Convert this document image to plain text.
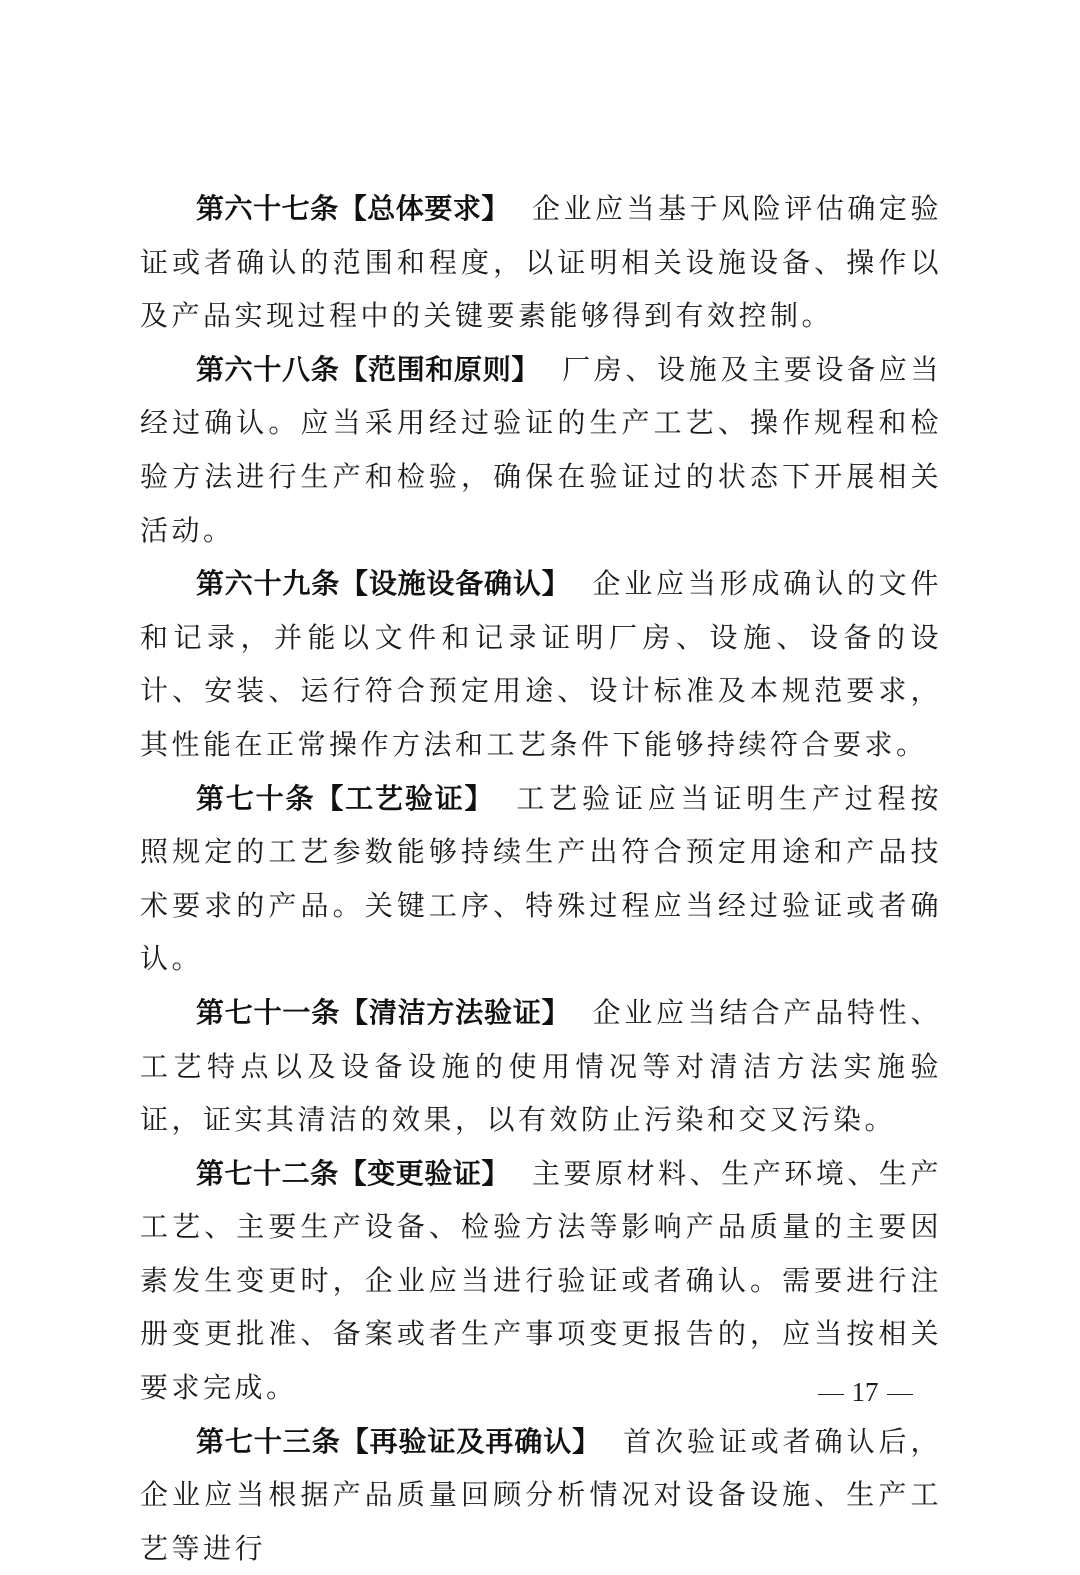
第六十七条【总体要求】 企业应当基于风险评估确定验证或者确认的范围和程度，以证明相关设施设备、操作以及产品实现过程中的关键要素能够得到有效控制。

第六十八条【范围和原则】 厂房、设施及主要设备应当经过确认。应当采用经过验证的生产工艺、操作规程和检验方法进行生产和检验，确保在验证过的状态下开展相关活动。

第六十九条【设施设备确认】 企业应当形成确认的文件和记录，并能以文件和记录证明厂房、设施、设备的设计、安装、运行符合预定用途、设计标准及本规范要求，其性能在正常操作方法和工艺条件下能够持续符合要求。

第七十条【工艺验证】 工艺验证应当证明生产过程按照规定的工艺参数能够持续生产出符合预定用途和产品技术要求的产品。关键工序、特殊过程应当经过验证或者确认。

第七十一条【清洁方法验证】 企业应当结合产品特性、工艺特点以及设备设施的使用情况等对清洁方法实施验证，证实其清洁的效果，以有效防止污染和交叉污染。

第七十二条【变更验证】 主要原材料、生产环境、生产工艺、主要生产设备、检验方法等影响产品质量的主要因素发生变更时，企业应当进行验证或者确认。需要进行注册变更批准、备案或者生产事项变更报告的，应当按相关要求完成。

第七十三条【再验证及再确认】 首次验证或者确认后，企业应当根据产品质量回顾分析情况对设备设施、生产工艺等进行

17
